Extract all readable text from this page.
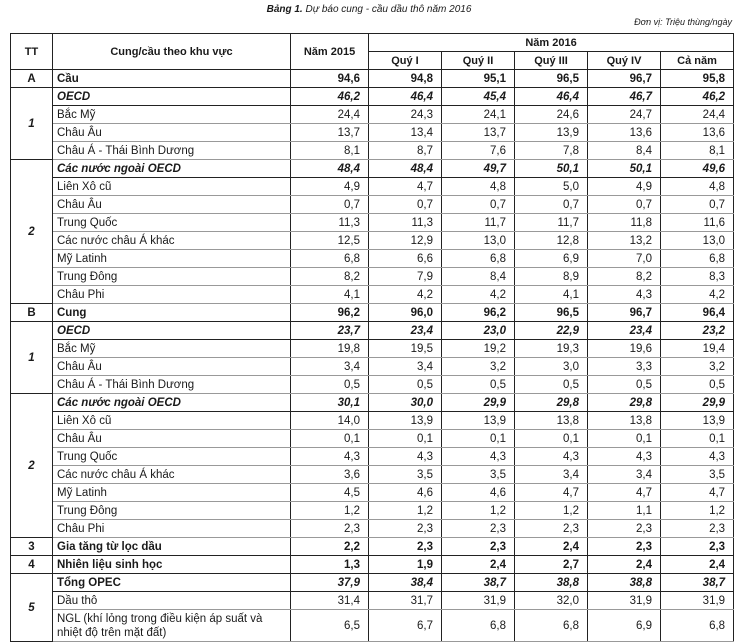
Bảng 1. Dự báo cung - cầu dầu thô năm 2016
Đơn vị: Triệu thùng/ngày
TT	Cung/cầu theo khu vực	Năm 2015	Năm 2016				
			Quý I	Quý II	Quý III	Quý IV	Cả năm
A	Cầu	94,6	94,8	95,1	96,5	96,7	95,8
1	OECD	46,2	46,4	45,4	46,4	46,7	46,2
	Bắc Mỹ	24,4	24,3	24,1	24,6	24,7	24,4
	Châu Âu	13,7	13,4	13,7	13,9	13,6	13,6
	Châu Á - Thái Bình Dương	8,1	8,7	7,6	7,8	8,4	8,1
2	Các nước ngoài OECD	48,4	48,4	49,7	50,1	50,1	49,6
	Liên Xô cũ	4,9	4,7	4,8	5,0	4,9	4,8
	Châu Âu	0,7	0,7	0,7	0,7	0,7	0,7
	Trung Quốc	11,3	11,3	11,7	11,7	11,8	11,6
	Các nước châu Á khác	12,5	12,9	13,0	12,8	13,2	13,0
	Mỹ Latinh	6,8	6,6	6,8	6,9	7,0	6,8
	Trung Đông	8,2	7,9	8,4	8,9	8,2	8,3
	Châu Phi	4,1	4,2	4,2	4,1	4,3	4,2
B	Cung	96,2	96,0	96,2	96,5	96,7	96,4
1	OECD	23,7	23,4	23,0	22,9	23,4	23,2
	Bắc Mỹ	19,8	19,5	19,2	19,3	19,6	19,4
	Châu Âu	3,4	3,4	3,2	3,0	3,3	3,2
	Châu Á - Thái Bình Dương	0,5	0,5	0,5	0,5	0,5	0,5
2	Các nước ngoài OECD	30,1	30,0	29,9	29,8	29,8	29,9
	Liên Xô cũ	14,0	13,9	13,9	13,8	13,8	13,9
	Châu Âu	0,1	0,1	0,1	0,1	0,1	0,1
	Trung Quốc	4,3	4,3	4,3	4,3	4,3	4,3
	Các nước châu Á khác	3,6	3,5	3,5	3,4	3,4	3,5
	Mỹ Latinh	4,5	4,6	4,6	4,7	4,7	4,7
	Trung Đông	1,2	1,2	1,2	1,2	1,1	1,2
	Châu Phi	2,3	2,3	2,3	2,3	2,3	2,3
3	Gia tăng từ lọc dầu	2,2	2,3	2,3	2,4	2,3	2,3
4	Nhiên liệu sinh học	1,3	1,9	2,4	2,7	2,4	2,4
5	Tổng OPEC	37,9	38,4	38,7	38,8	38,8	38,7
	Dầu thô	31,4	31,7	31,9	32,0	31,9	31,9
	NGL (khí lỏng trong điều kiện áp suất và nhiệt độ trên mặt đất)	6,5	6,7	6,8	6,8	6,9	6,8
